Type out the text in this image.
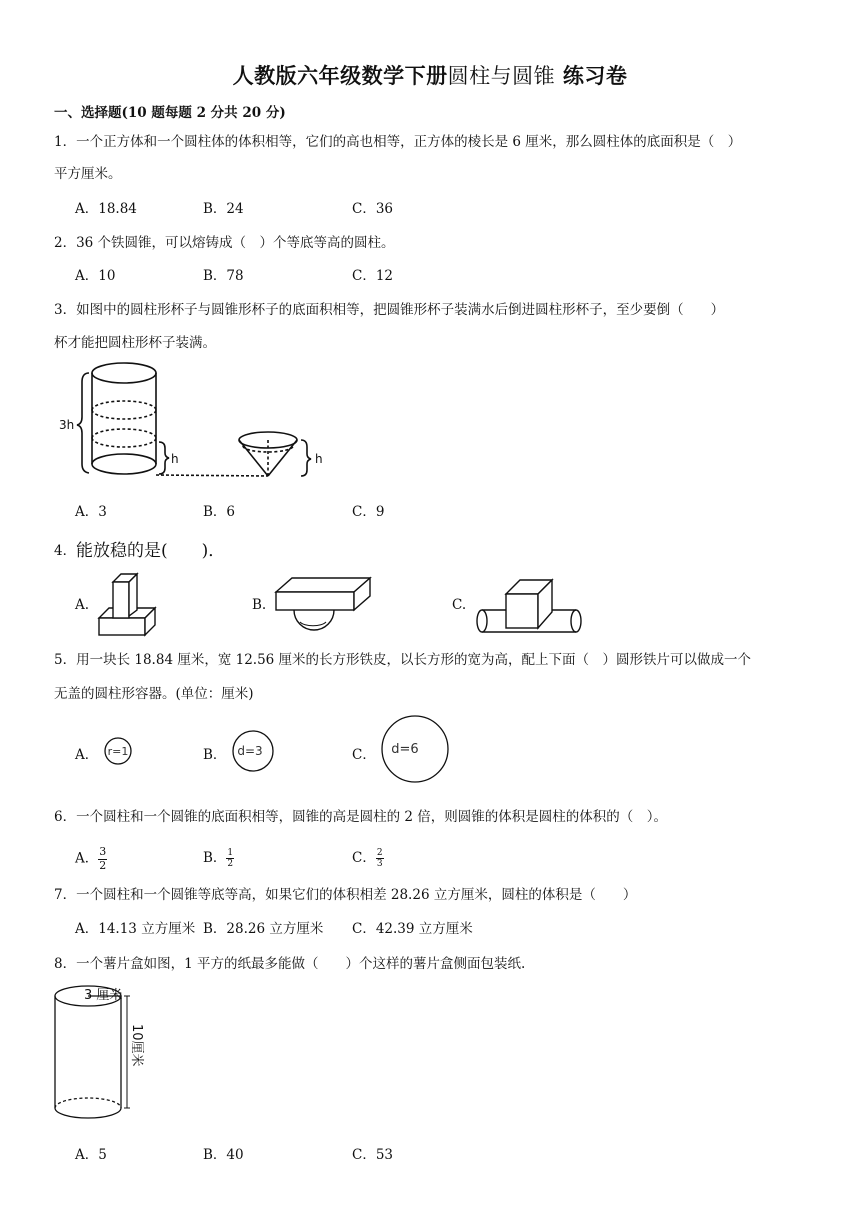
人教版六年级数学下册圆柱与圆锥 练习卷
一、选择题(10 题每题 2 分共 20 分)
1．一个正方体和一个圆柱体的体积相等，它们的高也相等，正方体的棱长是 6 厘米，那么圆柱体的底面积是（　）
平方厘米。
A．18.84	B．24	C．36
2．36 个铁圆锥，可以熔铸成（　）个等底等高的圆柱。
A．10	B．78	C．12
3．如图中的圆柱形杯子与圆锥形杯子的底面积相等，把圆锥形杯子装满水后倒进圆柱形杯子，至少要倒（　　）
杯才能把圆柱形杯子装满。
3h
h	h
A．3	B．6	C．9
4． 能放稳的是(　　)．
A.	B.	C.
5．用一块长 18.84 厘米，宽 12.56 厘米的长方形铁皮，以长方形的宽为高，配上下面（　）圆形铁片可以做成一个
无盖的圆柱形容器。(单位：厘米)
A． r=1	B． d=3	C． d=6
6．一个圆柱和一个圆锥的底面积相等，圆锥的高是圆柱的 2 倍，则圆锥的体积是圆柱的体积的（　）。
A． $\frac{3}{2}$	B． $\frac{1}{2}$	C． $\frac{2}{3}$
7．一个圆柱和一个圆锥等底等高，如果它们的体积相差 28.26 立方厘米，圆柱的体积是（　　）
A．14.13 立方厘米 B．28.26 立方厘米 C．42.39 立方厘米
8．一个薯片盒如图，1 平方的纸最多能做（　　）个这样的薯片盒侧面包装纸.
3 厘米
10厘米
A．5	B．40	C．53
